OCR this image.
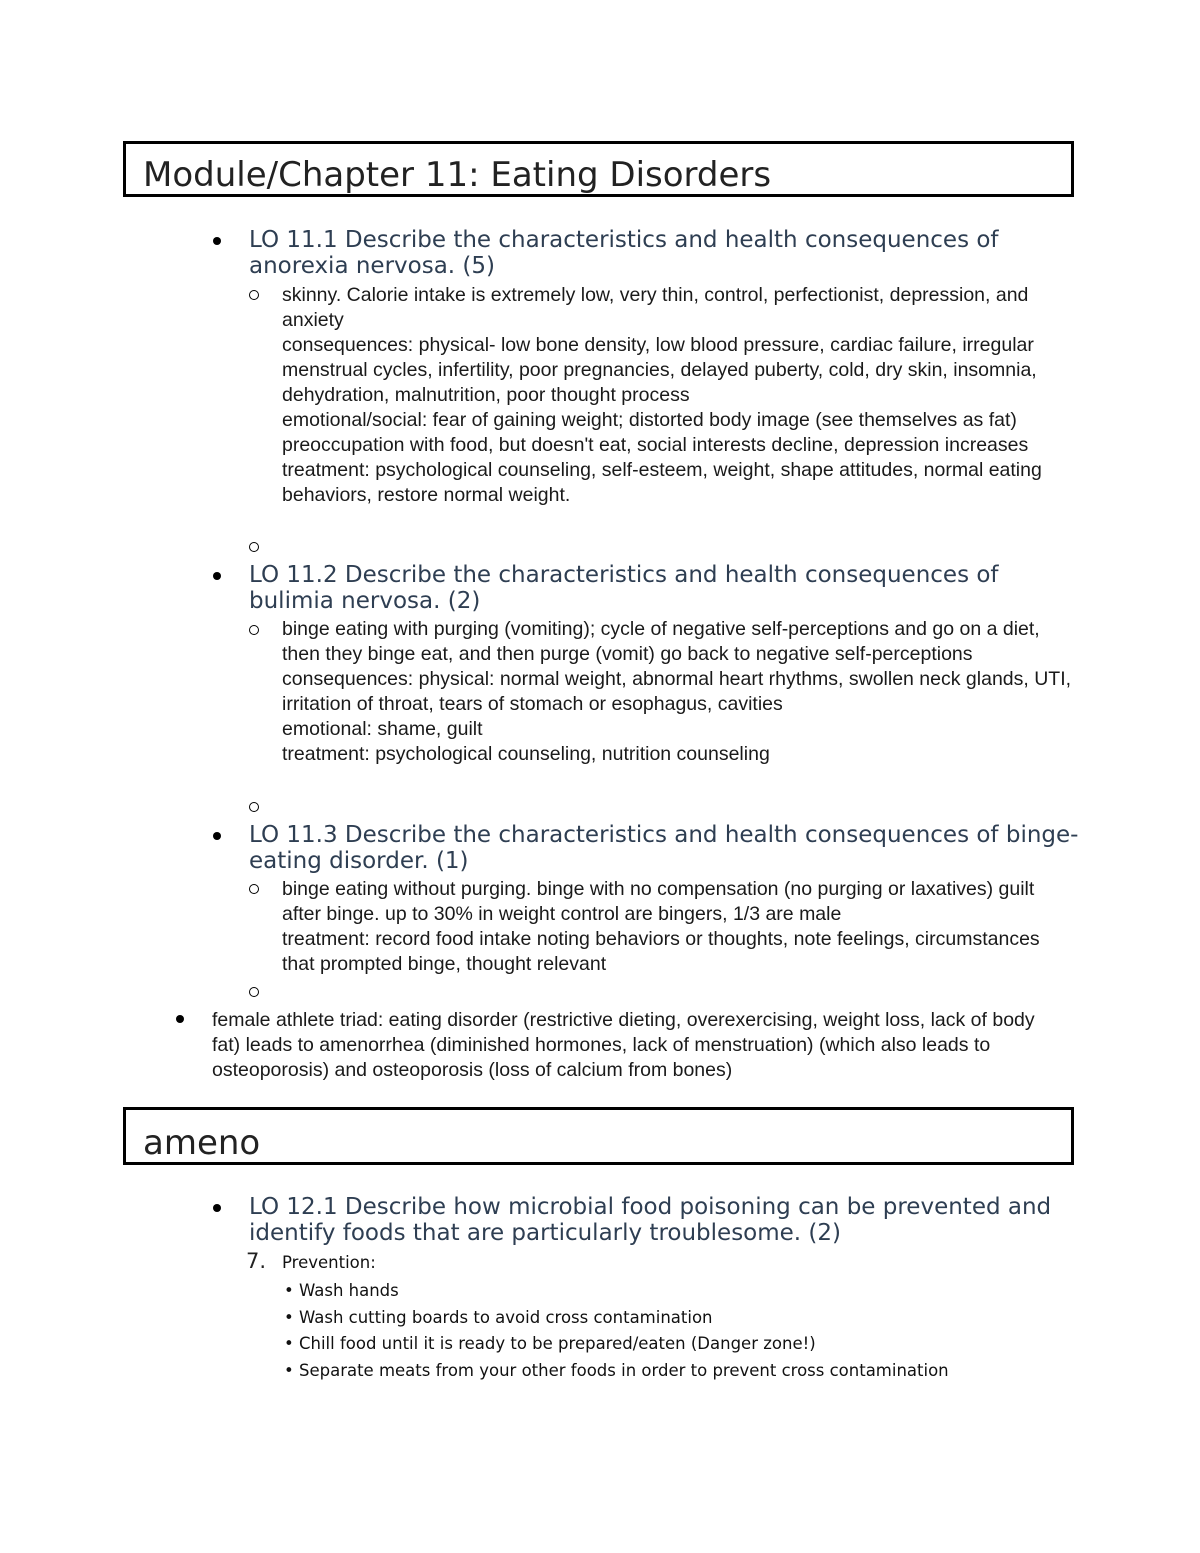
Module/Chapter 11: Eating Disorders
LO 11.1 Describe the characteristics and health consequences of anorexia nervosa. (5)

skinny. Calorie intake is extremely low, very thin, control, perfectionist, depression, and anxiety

consequences: physical- low bone density, low blood pressure, cardiac failure, irregular menstrual cycles, infertility, poor pregnancies, delayed puberty, cold, dry skin, insomnia, dehydration, malnutrition, poor thought process

emotional/social: fear of gaining weight; distorted body image (see themselves as fat) preoccupation with food, but doesn't eat, social interests decline, depression increases

treatment: psychological counseling, self-esteem, weight, shape attitudes, normal eating behaviors, restore normal weight.

LO 11.2 Describe the characteristics and health consequences of bulimia nervosa. (2)

binge eating with purging (vomiting); cycle of negative self-perceptions and go on a diet, then they binge eat, and then purge (vomit) go back to negative self-perceptions

consequences: physical: normal weight, abnormal heart rhythms, swollen neck glands, UTI, irritation of throat, tears of stomach or esophagus, cavities

emotional: shame, guilt

treatment: psychological counseling, nutrition counseling

LO 11.3 Describe the characteristics and health consequences of binge-eating disorder. (1)

binge eating without purging. binge with no compensation (no purging or laxatives) guilt after binge. up to 30% in weight control are bingers, 1/3 are male

treatment: record food intake noting behaviors or thoughts, note feelings, circumstances that prompted binge, thought relevant

female athlete triad: eating disorder (restrictive dieting, overexercising, weight loss, lack of body fat) leads to amenorrhea (diminished hormones, lack of menstruation) (which also leads to osteoporosis) and osteoporosis (loss of calcium from bones)
ameno
LO 12.1 Describe how microbial food poisoning can be prevented and identify foods that are particularly troublesome. (2)
7. Prevention:
• Wash hands
• Wash cutting boards to avoid cross contamination
• Chill food until it is ready to be prepared/eaten (Danger zone!)
• Separate meats from your other foods in order to prevent cross contamination
